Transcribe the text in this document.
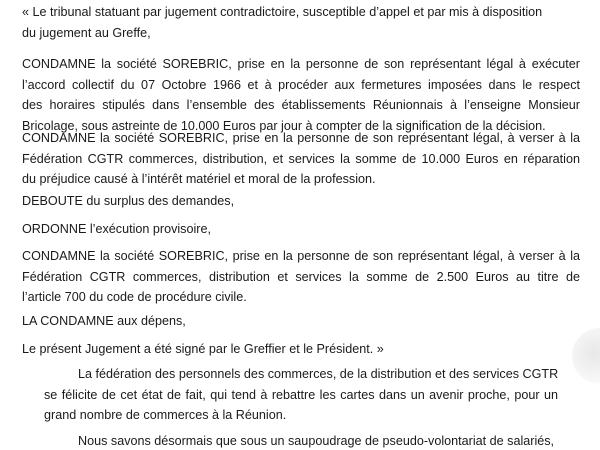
« Le tribunal statuant par jugement contradictoire, susceptible d’appel et par mis à disposition
du jugement au Greffe,

CONDAMNE la société SOREBRIC, prise en la personne de son représentant légal à exécuter
l’accord collectif du 07 Octobre 1966 et à procéder aux fermetures imposées dans le respect
des horaires stipulés dans l’ensemble des établissements Réunionnais à l’enseigne Monsieur
Bricolage, sous astreinte de 10.000 Euros par jour à compter de la signification de la décision.

CONDAMNE la société SOREBRIC, prise en la personne de son représentant légal, à verser à la
Fédération CGTR commerces, distribution, et services la somme de 10.000 Euros en réparation
du préjudice causé à l’intérêt matériel et moral de la profession.

DEBOUTE du surplus des demandes,

ORDONNE l’exécution provisoire,

CONDAMNE la société SOREBRIC, prise en la personne de son représentant légal, à verser à la
Fédération CGTR commerces, distribution et services la somme de 2.500 Euros au titre de
l’article 700 du code de procédure civile.

LA CONDAMNE aux dépens,

Le présent Jugement a été signé par le Greffier et le Président. »

La fédération des personnels des commerces, de la distribution et des services CGTR
se félicite de cet état de fait, qui tend à rebattre les cartes dans un avenir proche, pour un
grand nombre de commerces à la Réunion.

Nous savons désormais que sous un saupoudrage de pseudo-volontariat de salariés,
